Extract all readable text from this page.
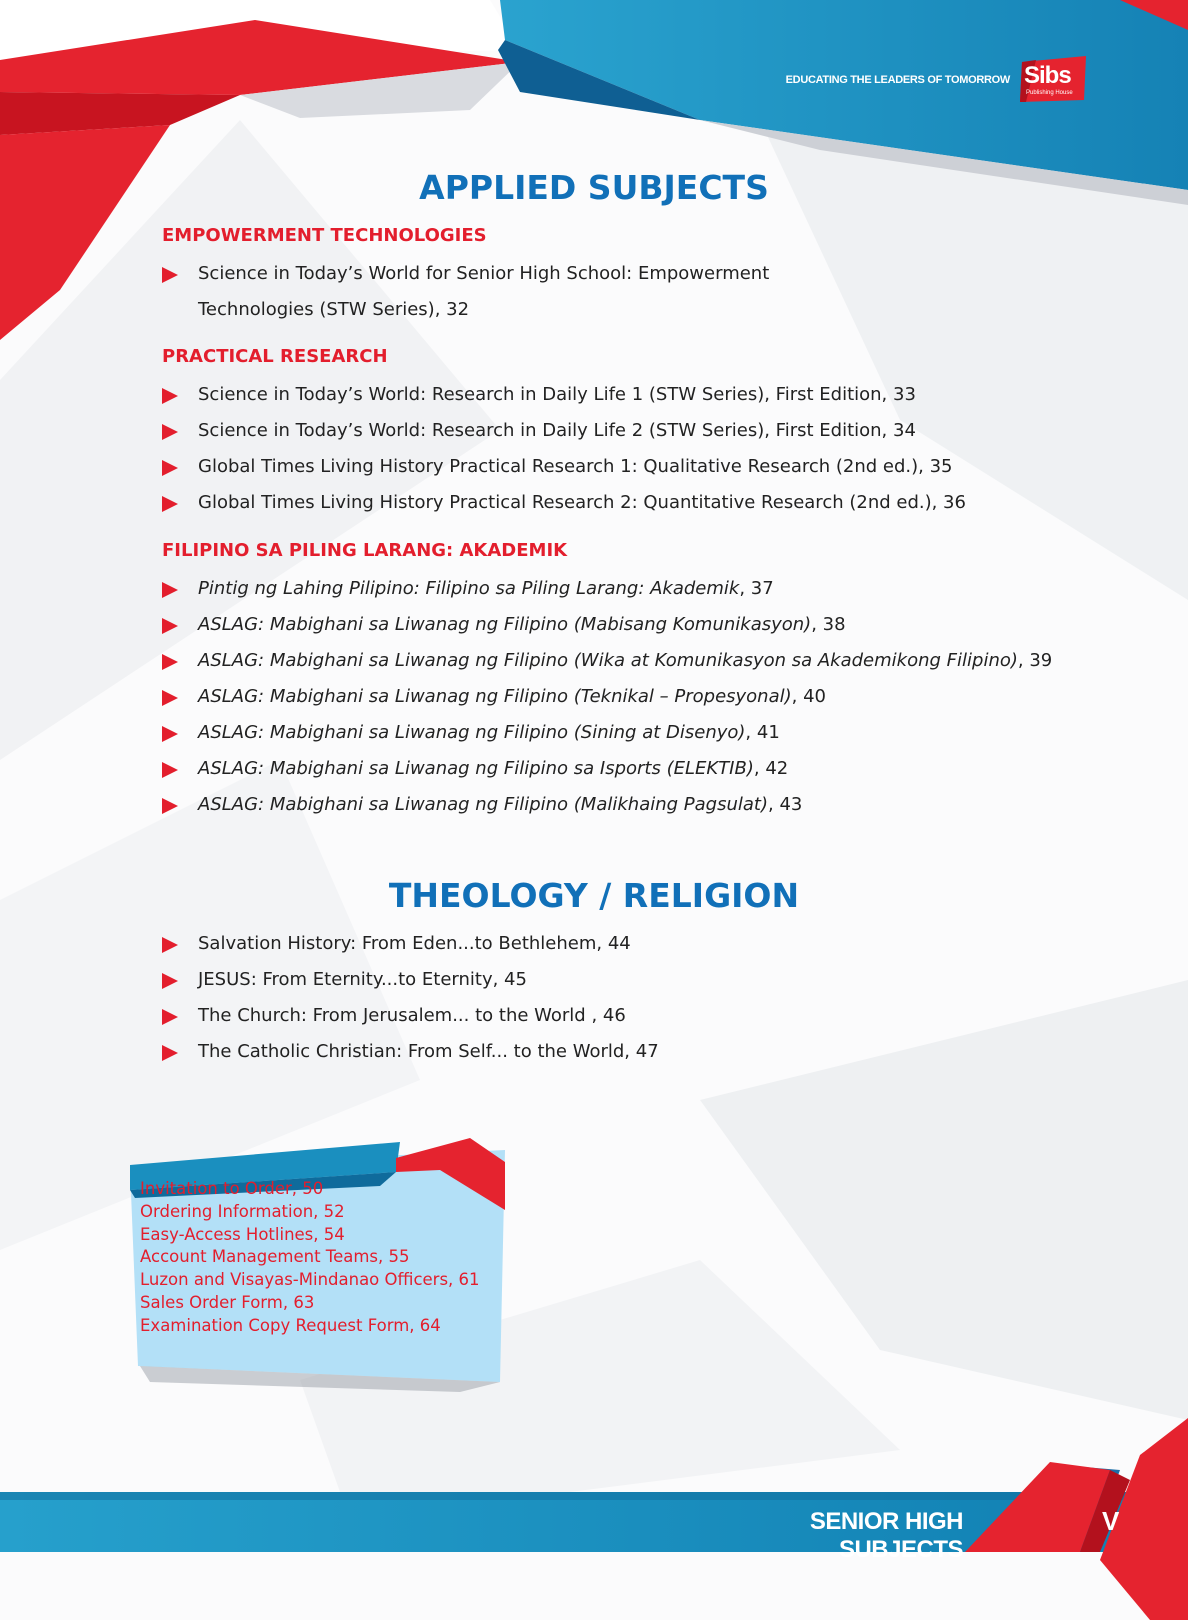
EDUCATING THE LEADERS OF TOMORROW Sibs
Publishing House
APPLIED SUBJECTS
EMPOWERMENT TECHNOLOGIES
Science in Today’s World for Senior High School: Empowerment Technologies (STW Series), 32
PRACTICAL RESEARCH
Science in Today’s World: Research in Daily Life 1 (STW Series), First Edition, 33
Science in Today’s World: Research in Daily Life 2 (STW Series), First Edition, 34
Global Times Living History Practical Research 1: Qualitative Research (2nd ed.), 35
Global Times Living History Practical Research 2: Quantitative Research (2nd ed.), 36
FILIPINO SA PILING LARANG: AKADEMIK
Pintig ng Lahing Pilipino: Filipino sa Piling Larang: Akademik, 37
ASLAG: Mabighani sa Liwanag ng Filipino (Mabisang Komunikasyon), 38
ASLAG: Mabighani sa Liwanag ng Filipino (Wika at Komunikasyon sa Akademikong Filipino), 39
ASLAG: Mabighani sa Liwanag ng Filipino (Teknikal – Propesyonal), 40
ASLAG: Mabighani sa Liwanag ng Filipino (Sining at Disenyo), 41
ASLAG: Mabighani sa Liwanag ng Filipino sa Isports (ELEKTIB), 42
ASLAG: Mabighani sa Liwanag ng Filipino (Malikhaing Pagsulat), 43
THEOLOGY / RELIGION
Salvation History: From Eden...to Bethlehem, 44
JESUS: From Eternity...to Eternity, 45
The Church: From Jerusalem... to the World , 46
The Catholic Christian: From Self... to the World, 47
Invitation to Order, 50
Ordering Information, 52
Easy-Access Hotlines, 54
Account Management Teams, 55
Luzon and Visayas-Mindanao Officers, 61
Sales Order Form, 63
Examination Copy Request Form, 64
SENIOR HIGH SUBJECTS
V
